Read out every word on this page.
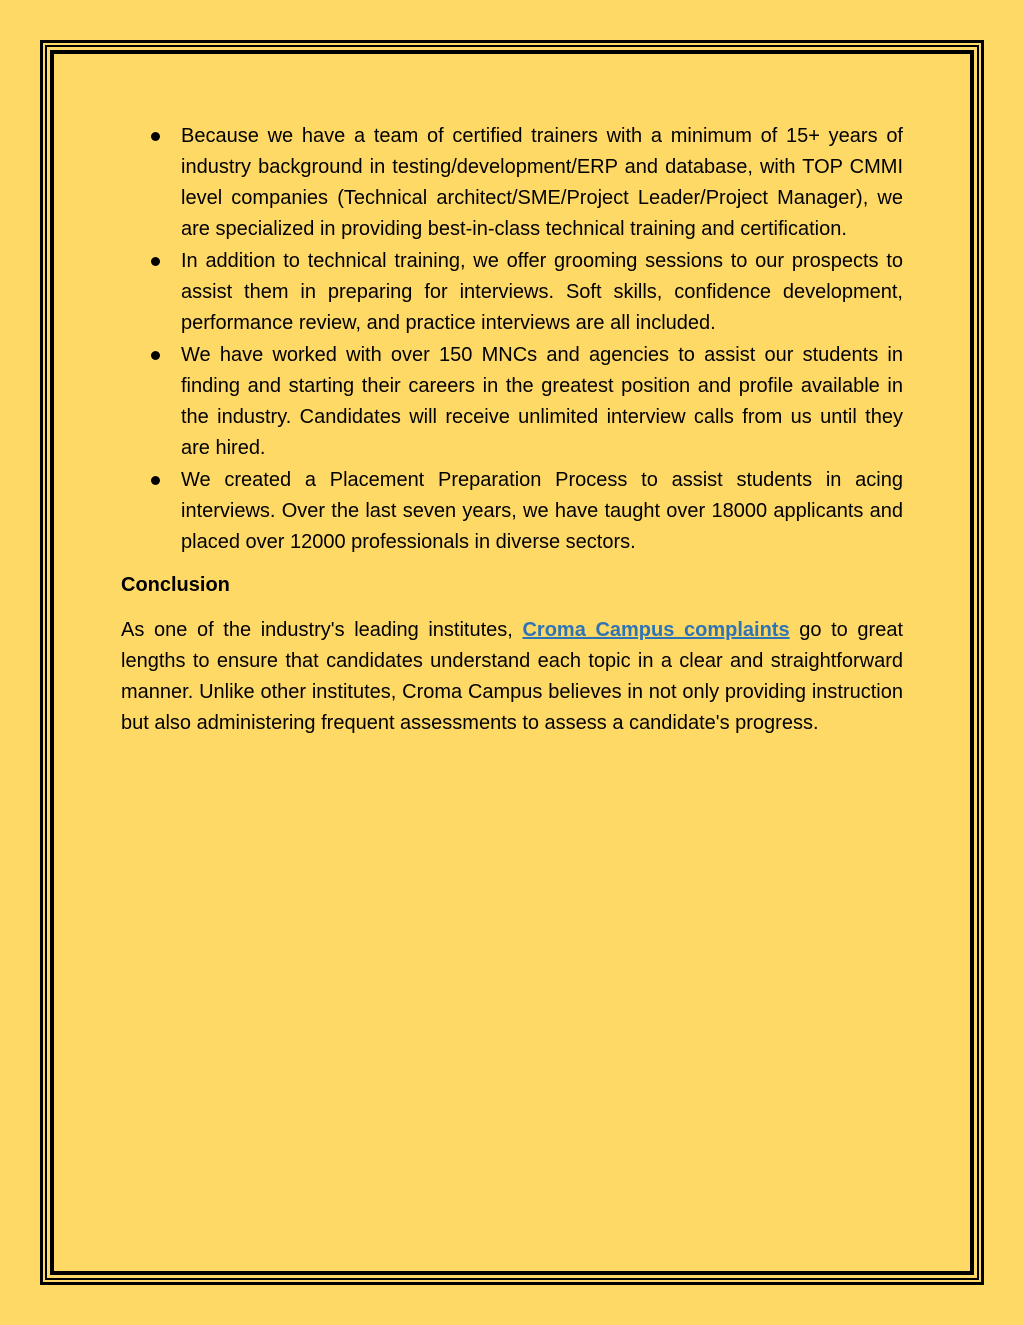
Because we have a team of certified trainers with a minimum of 15+ years of industry background in testing/development/ERP and database, with TOP CMMI level companies (Technical architect/SME/Project Leader/Project Manager), we are specialized in providing best-in-class technical training and certification.
In addition to technical training, we offer grooming sessions to our prospects to assist them in preparing for interviews. Soft skills, confidence development, performance review, and practice interviews are all included.
We have worked with over 150 MNCs and agencies to assist our students in finding and starting their careers in the greatest position and profile available in the industry. Candidates will receive unlimited interview calls from us until they are hired.
We created a Placement Preparation Process to assist students in acing interviews. Over the last seven years, we have taught over 18000 applicants and placed over 12000 professionals in diverse sectors.
Conclusion

As one of the industry's leading institutes, Croma Campus complaints go to great lengths to ensure that candidates understand each topic in a clear and straightforward manner. Unlike other institutes, Croma Campus believes in not only providing instruction but also administering frequent assessments to assess a candidate's progress.
